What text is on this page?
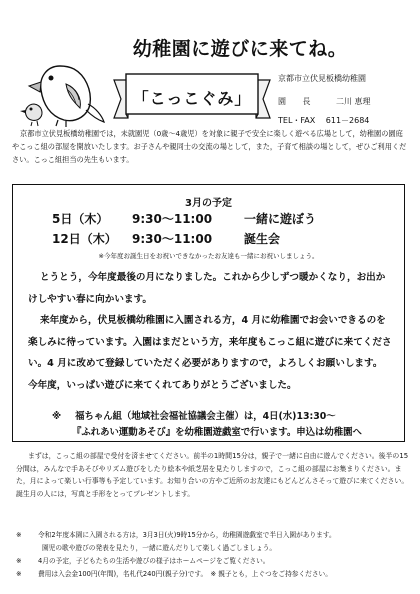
幼稚園に遊びに来てね。
「こっこぐみ」
京都市立伏見板橋幼稚園
園 長 二川 恵理
TEL・FAX　 611－2684
京都市立伏見板橋幼稚園では，未就園児（0歳～4歳児）を対象に親子で安全に楽しく遊べる広場として，幼稚園の園庭やこっこ組の部屋を開放いたします。お子さんや親同士の交流の場として，また，子育て相談の場として，ぜひご利用ください。こっこ組担当の先生もいます。
3月の予定
5日（木） 9:30～11:00	一緒に遊ぼう
12日（木） 9:30～11:00	誕生会
※今年度お誕生日をお祝いできなかったお友達も一緒にお祝いしましょう。

とうとう，今年度最後の月になりました。これから少しずつ暖かくなり，お出かけしやすい春に向かいます。

来年度から，伏見板橋幼稚園に入園される方，4 月に幼稚園でお会いできるのを楽しみに待っています。入園はまだという方，来年度もこっこ組に遊びに来てください。4 月に改めて登録していただく必要がありますので，よろしくお願いします。今年度，いっぱい遊びに来てくれてありがとうございました。

※ 福ちゃん組（地域社会福祉協議会主催）は，4日(水)13:30～
『ふれあい運動あそび』を幼稚園遊戯室で行います。申込は幼稚園へ
まずは，こっこ組の部屋で受付を済ませてください。前半の1時間15分は，親子で一緒に自由に遊んでください。後半の15分間は，みんなで手あそびやリズム遊びをしたり絵本や紙芝居を見たりしますので，こっこ組の部屋にお集まりください。また，月によって楽しい行事等も予定しています。お知り合いの方やご近所のお友達にもどんどんさそって遊びに来てください。誕生月の人には，写真と手形をとってプレゼントします。
※ 令和2年度本園に入園される方は，3月3日(火)9時15分から，幼稚園遊戯室で半日入園があります。
園児の歌や遊びの発表を見たり，一緒に遊んだりして楽しく過ごしましょう。
※ 4月の予定，子どもたちの生活や遊びの様子はホームページをご覧ください。
※ 費用は入会金100円(年間)，名札代240円(親子分)です。　※ 親子とも，上ぐつをご持参ください。
